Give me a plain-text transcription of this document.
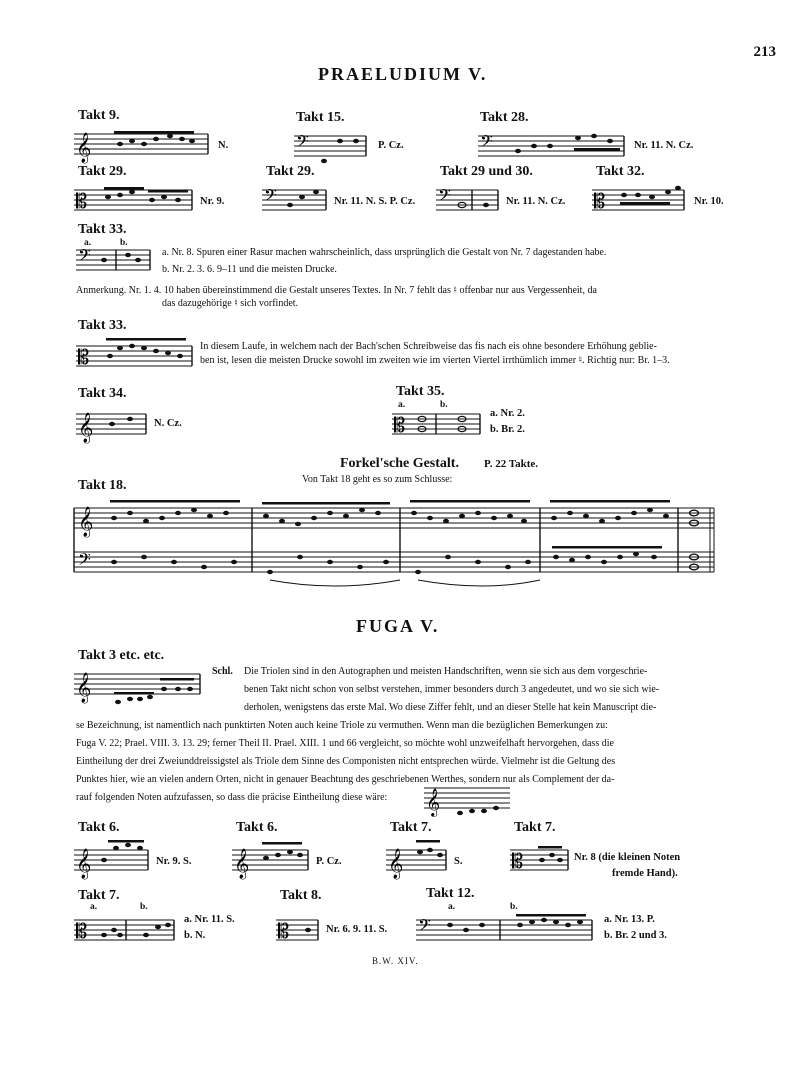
213
PRAELUDIUM V.
Takt 9.
𝄞	N.
Takt 15.
𝄢	P. Cz.
Takt 28.
𝄢	Nr. 11. N. Cz.
Takt 29.
𝄡	Nr. 9.
Takt 29.
𝄢	Nr. 11. N. S. P. Cz.
Takt 29 und 30.
𝄢	Nr. 11. N. Cz.
Takt 32.
𝄡	Nr. 10.
Takt 33.
a.	b.
𝄢	a. Nr. 8. Spuren einer Rasur machen wahrscheinlich, dass ursprünglich die Gestalt von Nr. 7 dagestanden habe.
b. Nr. 2. 3. 6. 9–11 und die meisten Drucke.
Anmerkung. Nr. 1. 4. 10 haben übereinstimmend die Gestalt unseres Textes. In Nr. 7 fehlt das ♮ offenbar nur aus Vergessenheit, da
das dazugehörige ♮ sich vorfindet.
Takt 33.
𝄡	In diesem Laufe, in welchem nach der Bach'schen Schreibweise das fis nach eis ohne besondere Erhöhung geblie-
ben ist, lesen die meisten Drucke sowohl im zweiten wie im vierten Viertel irrthümlich immer ♮. Richtig nur: Br. 1–3.
Takt 34.
𝄞	N. Cz.
Takt 35.
a.	b.
𝄡	a. Nr. 2.
b. Br. 2.
Forkel'sche Gestalt. P. 22 Takte.
Von Takt 18 geht es so zum Schlusse:
Takt 18.
𝄞
𝄢
FUGA V.
Takt 3 etc. etc.
𝄞
Schl. Die Triolen sind in den Autographen und meisten Handschriften, wenn sie sich aus dem vorgeschrie-
benen Takt nicht schon von selbst verstehen, immer besonders durch 3 angedeutet, und wo sie sich wie-
derholen, wenigstens das erste Mal. Wo diese Ziffer fehlt, und an dieser Stelle hat kein Manuscript die-
se Bezeichnung, ist namentlich nach punktirten Noten auch keine Triole zu vermuthen. Wenn man die bezüglichen Bemerkungen zu:
Fuga V. 22; Prael. VIII. 3. 13. 29; ferner Theil II. Prael. XIII. 1 und 66 vergleicht, so möchte wohl unzweifelhaft hervorgehen, dass die
Eintheilung der drei Zweiunddreissigstel als Triole dem Sinne des Componisten nicht entsprechen würde. Vielmehr ist die Geltung des
Punktes hier, wie an vielen andern Orten, nicht in genauer Beachtung des geschriebenen Werthes, sondern nur als Complement der da-
rauf folgenden Noten aufzufassen, so dass die präcise Eintheilung diese wäre: 𝄞
Takt 6.
𝄞	Nr. 9. S.
Takt 6.
𝄞	P. Cz.
Takt 7.
𝄞	S.
Takt 7.
𝄡	Nr. 8 (die kleinen Noten
fremde Hand).
Takt 7.
a.	b.
𝄡	a. Nr. 11. S.
b. N.
Takt 8.
𝄡	Nr. 6. 9. 11. S.
Takt 12.
a.	b.
𝄢	a. Nr. 13. P.
b. Br. 2 und 3.
B.W. XIV.
